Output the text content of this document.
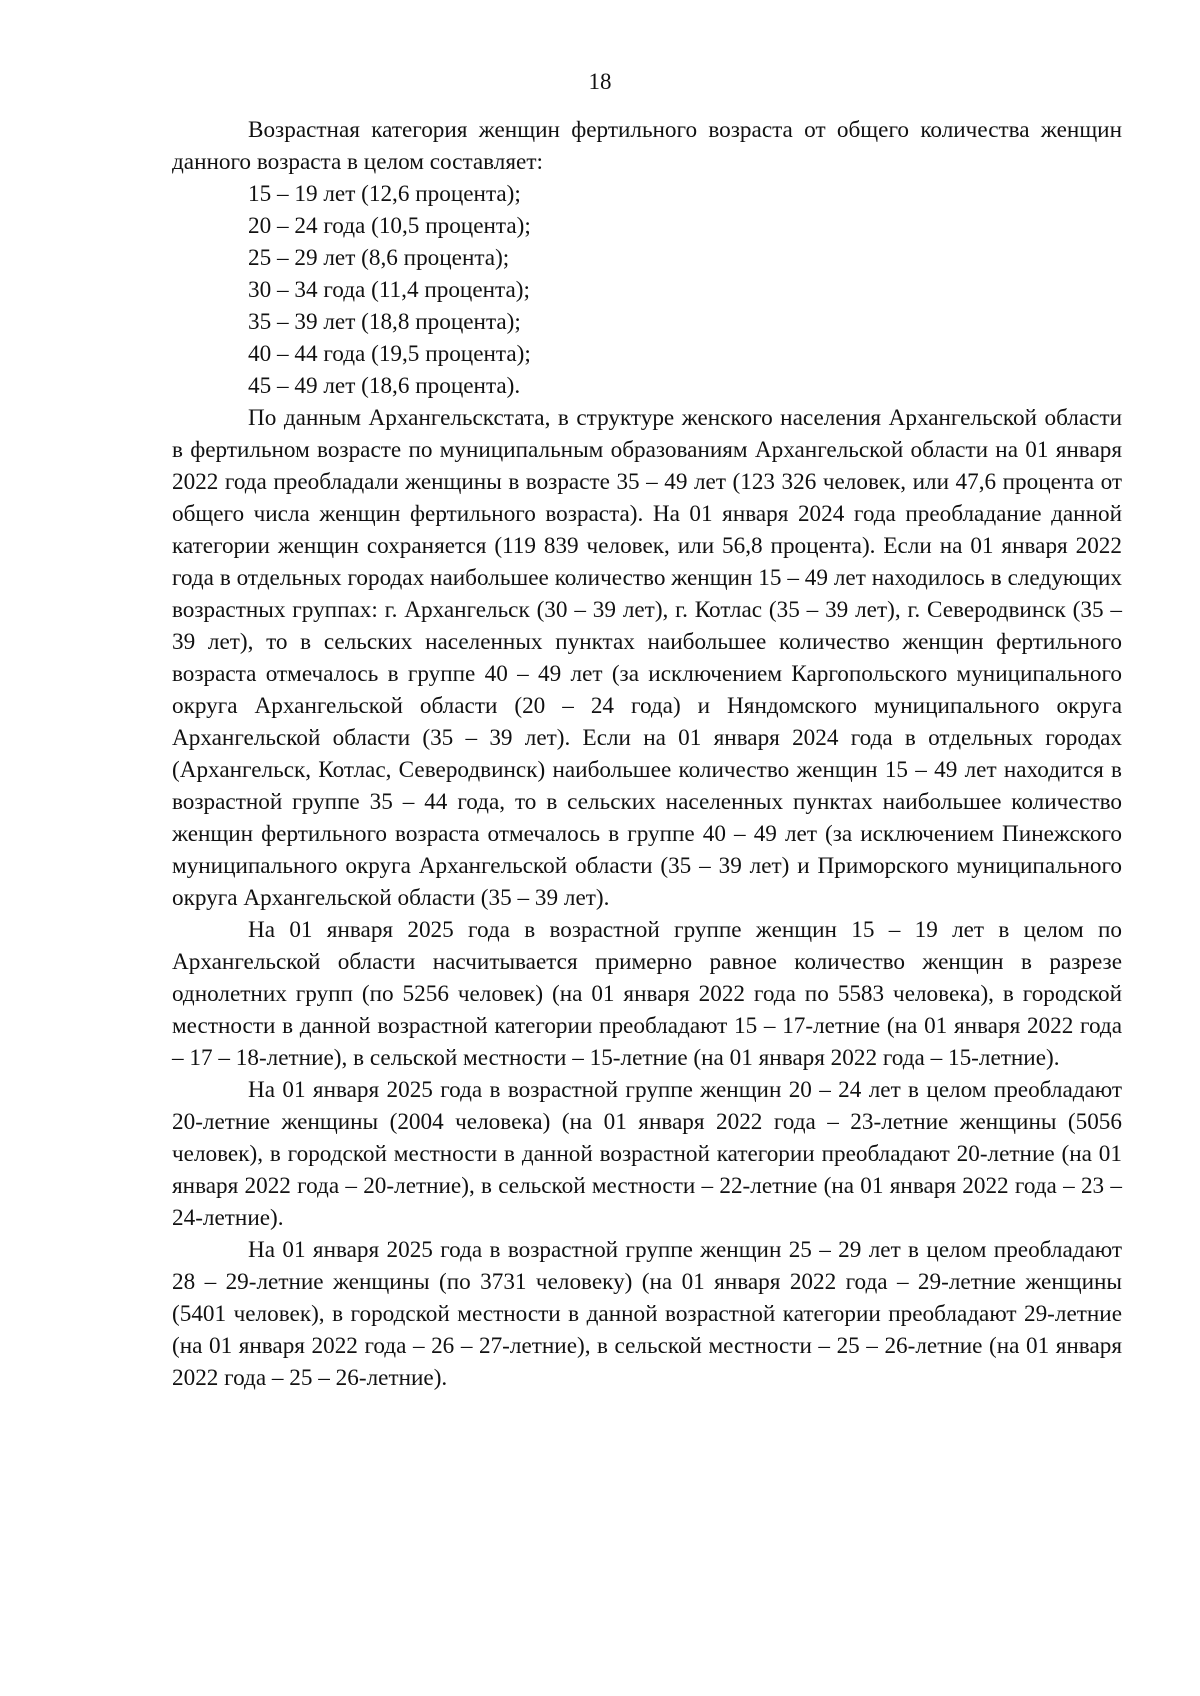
18

Возрастная категория женщин фертильного возраста от общего количества женщин данного возраста в целом составляет:

15 – 19 лет (12,6 процента);
20 – 24 года (10,5 процента);
25 – 29 лет (8,6 процента);
30 – 34 года (11,4 процента);
35 – 39 лет (18,8 процента);
40 – 44 года (19,5 процента);
45 – 49 лет (18,6 процента).

По данным Архангельскстата, в структуре женского населения Архангельской области в фертильном возрасте по муниципальным образованиям Архангельской области на 01 января 2022 года преобладали женщины в возрасте 35 – 49 лет (123 326 человек, или 47,6 процента от общего числа женщин фертильного возраста). На 01 января 2024 года преобладание данной категории женщин сохраняется (119 839 человек, или 56,8 процента). Если на 01 января 2022 года в отдельных городах наибольшее количество женщин 15 – 49 лет находилось в следующих возрастных группах: г. Архангельск (30 – 39 лет), г. Котлас (35 – 39 лет), г. Северодвинск (35 – 39 лет), то в сельских населенных пунктах наибольшее количество женщин фертильного возраста отмечалось в группе 40 – 49 лет (за исключением Каргопольского муниципального округа Архангельской области (20 – 24 года) и Няндомского муниципального округа Архангельской области (35 – 39 лет). Если на 01 января 2024 года в отдельных городах (Архангельск, Котлас, Северодвинск) наибольшее количество женщин 15 – 49 лет находится в возрастной группе 35 – 44 года, то в сельских населенных пунктах наибольшее количество женщин фертильного возраста отмечалось в группе 40 – 49 лет (за исключением Пинежского муниципального округа Архангельской области (35 – 39 лет) и Приморского муниципального округа Архангельской области (35 – 39 лет).

На 01 января 2025 года в возрастной группе женщин 15 – 19 лет в целом по Архангельской области насчитывается примерно равное количество женщин в разрезе однолетних групп (по 5256 человек) (на 01 января 2022 года по 5583 человека), в городской местности в данной возрастной категории преобладают 15 – 17-летние (на 01 января 2022 года – 17 – 18-летние), в сельской местности – 15-летние (на 01 января 2022 года – 15-летние).

На 01 января 2025 года в возрастной группе женщин 20 – 24 лет в целом преобладают 20-летние женщины (2004 человека) (на 01 января 2022 года – 23-летние женщины (5056 человек), в городской местности в данной возрастной категории преобладают 20-летние (на 01 января 2022 года – 20-летние), в сельской местности – 22-летние (на 01 января 2022 года – 23 – 24-летние).

На 01 января 2025 года в возрастной группе женщин 25 – 29 лет в целом преобладают 28 – 29-летние женщины (по 3731 человеку) (на 01 января 2022 года – 29-летние женщины (5401 человек), в городской местности в данной возрастной категории преобладают 29-летние (на 01 января 2022 года – 26 – 27-летние), в сельской местности – 25 – 26-летние (на 01 января 2022 года – 25 – 26-летние).
